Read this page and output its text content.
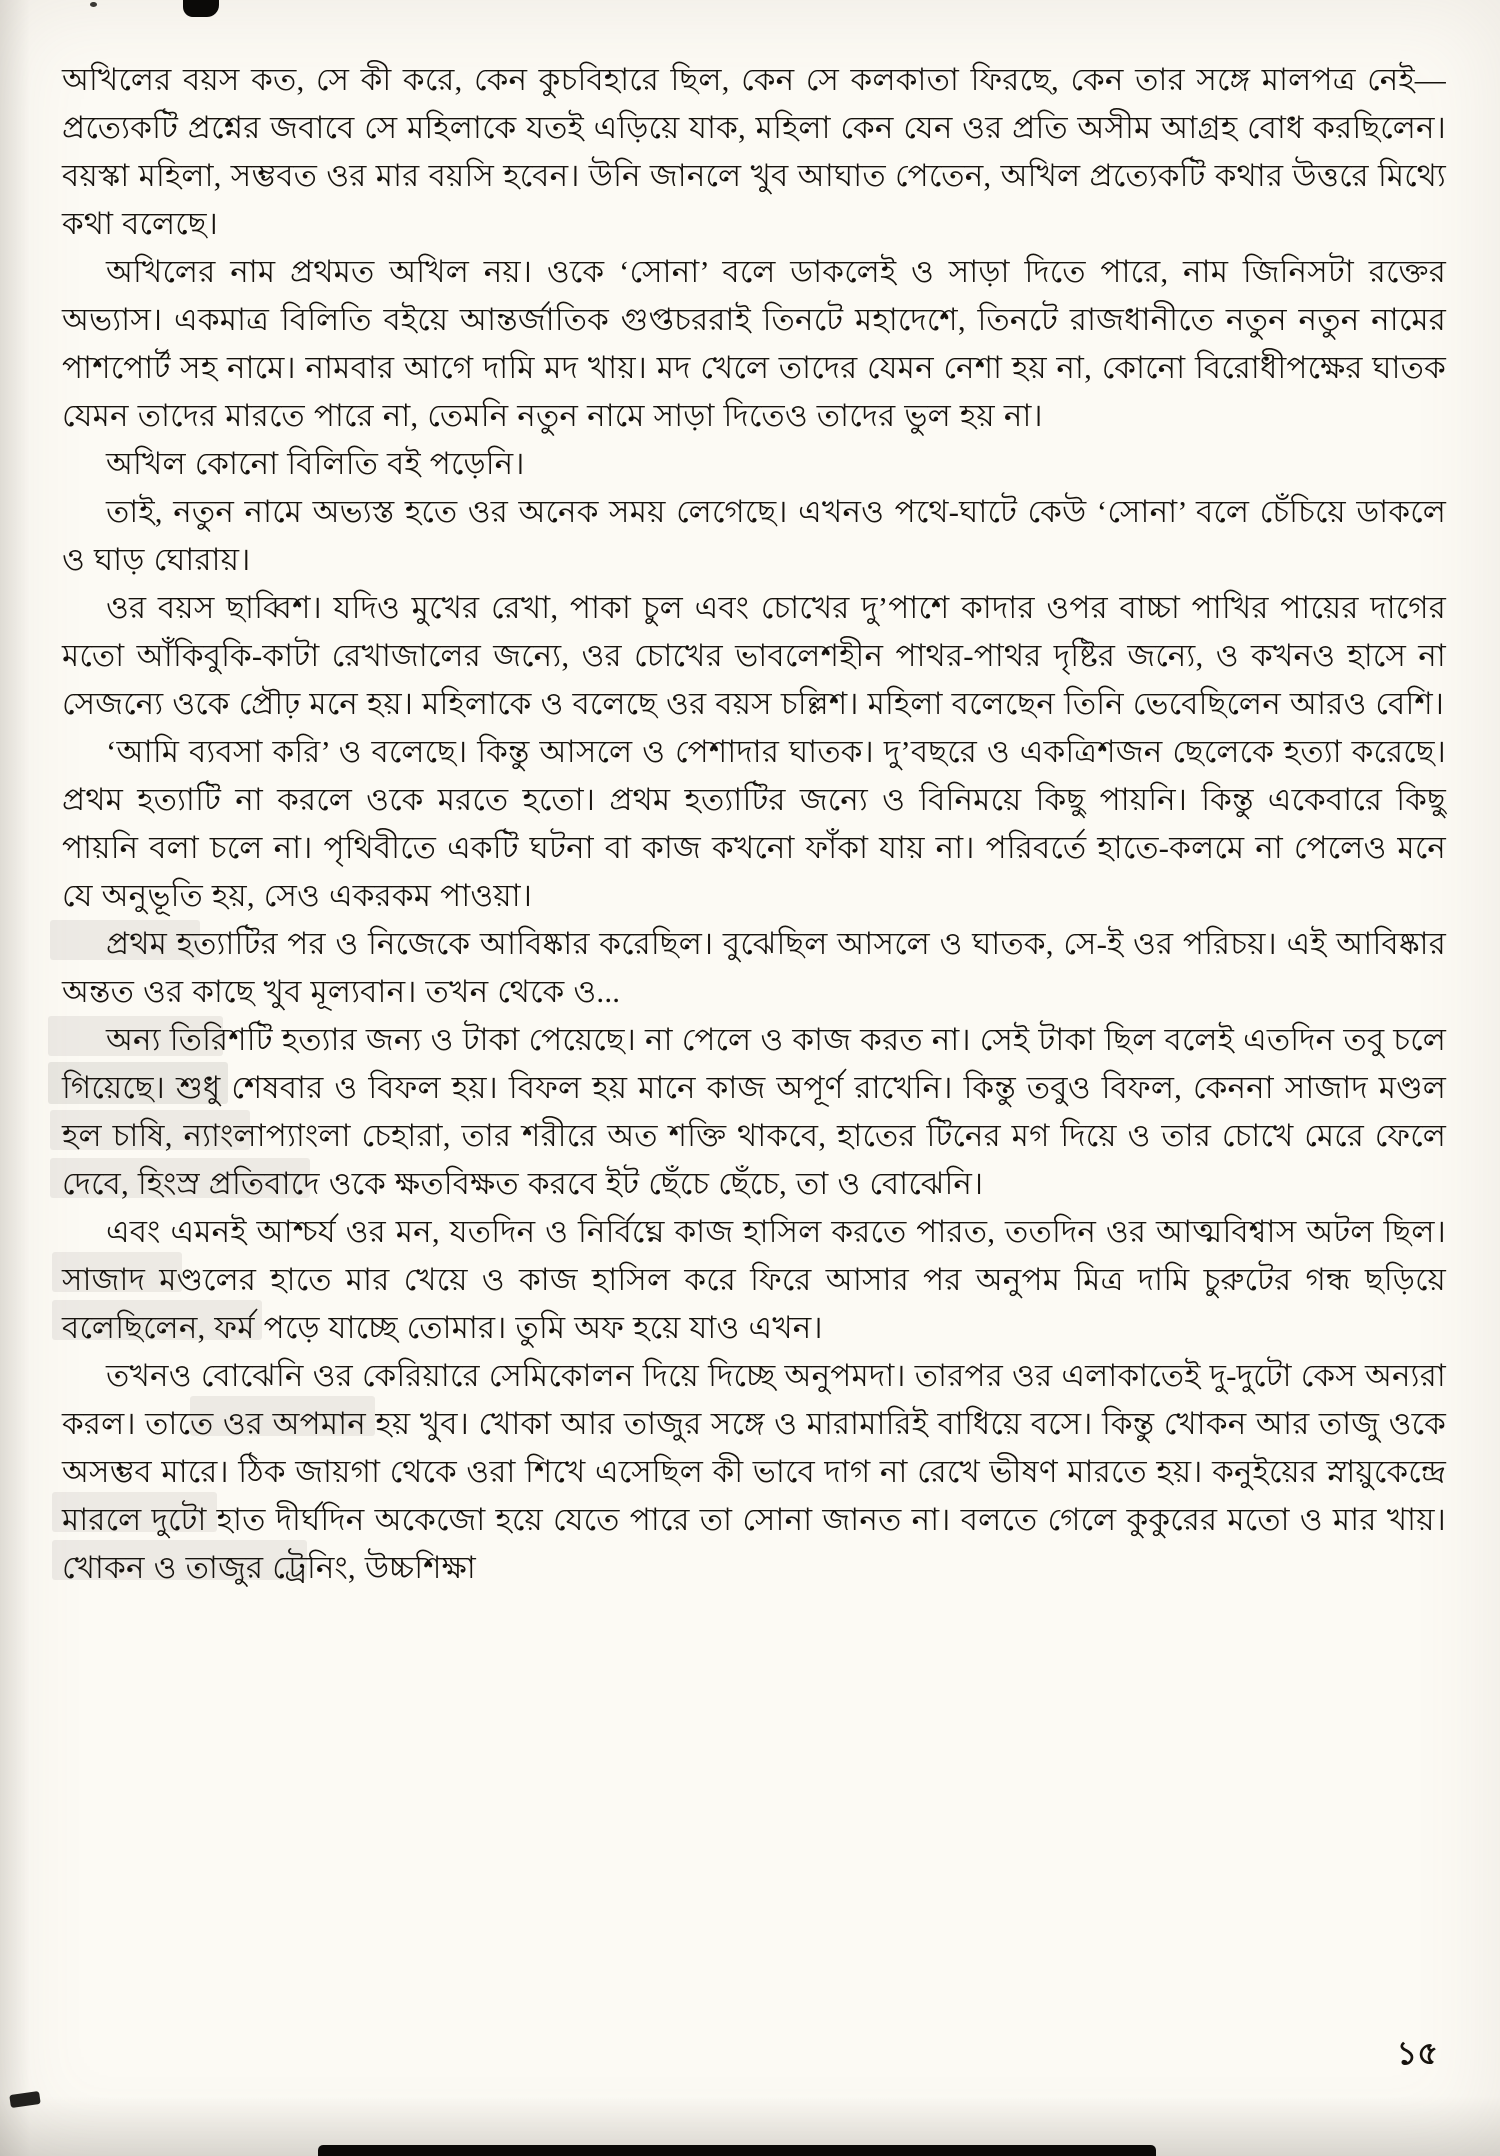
অখিলের বয়স কত, সে কী করে, কেন কুচবিহারে ছিল, কেন সে কলকাতা ফিরছে, কেন তার সঙ্গে মালপত্র নেই—প্রত্যেকটি প্রশ্নের জবাবে সে মহিলাকে যতই এড়িয়ে যাক, মহিলা কেন যেন ওর প্রতি অসীম আগ্রহ বোধ করছিলেন। বয়স্কা মহিলা, সম্ভবত ওর মার বয়সি হবেন। উনি জানলে খুব আঘাত পেতেন, অখিল প্রত্যেকটি কথার উত্তরে মিথ্যে কথা বলেছে।

অখিলের নাম প্রথমত অখিল নয়। ওকে ‘সোনা’ বলে ডাকলেই ও সাড়া দিতে পারে, নাম জিনিসটা রক্তের অভ্যাস। একমাত্র বিলিতি বইয়ে আন্তর্জাতিক গুপ্তচররাই তিনটে মহাদেশে, তিনটে রাজধানীতে নতুন নতুন নামের পাশপোর্ট সহ নামে। নামবার আগে দামি মদ খায়। মদ খেলে তাদের যেমন নেশা হয় না, কোনো বিরোধীপক্ষের ঘাতক যেমন তাদের মারতে পারে না, তেমনি নতুন নামে সাড়া দিতেও তাদের ভুল হয় না।

অখিল কোনো বিলিতি বই পড়েনি।

তাই, নতুন নামে অভ্যস্ত হতে ওর অনেক সময় লেগেছে। এখনও পথে-ঘাটে কেউ ‘সোনা’ বলে চেঁচিয়ে ডাকলে ও ঘাড় ঘোরায়।

ওর বয়স ছাব্বিশ। যদিও মুখের রেখা, পাকা চুল এবং চোখের দু’পাশে কাদার ওপর বাচ্চা পাখির পায়ের দাগের মতো আঁকিবুকি-কাটা রেখাজালের জন্যে, ওর চোখের ভাবলেশহীন পাথর-পাথর দৃষ্টির জন্যে, ও কখনও হাসে না সেজন্যে ওকে প্রৌঢ় মনে হয়। মহিলাকে ও বলেছে ওর বয়স চল্লিশ। মহিলা বলেছেন তিনি ভেবেছিলেন আরও বেশি।

‘আমি ব্যবসা করি’ ও বলেছে। কিন্তু আসলে ও পেশাদার ঘাতক। দু’বছরে ও একত্রিশজন ছেলেকে হত্যা করেছে। প্রথম হত্যাটি না করলে ওকে মরতে হতো। প্রথম হত্যাটির জন্যে ও বিনিময়ে কিছু পায়নি। কিন্তু একেবারে কিছু পায়নি বলা চলে না। পৃথিবীতে একটি ঘটনা বা কাজ কখনো ফাঁকা যায় না। পরিবর্তে হাতে-কলমে না পেলেও মনে যে অনুভূতি হয়, সেও একরকম পাওয়া।

প্রথম হত্যাটির পর ও নিজেকে আবিষ্কার করেছিল। বুঝেছিল আসলে ও ঘাতক, সে-ই ওর পরিচয়। এই আবিষ্কার অন্তত ওর কাছে খুব মূল্যবান। তখন থেকে ও...

অন্য তিরিশটি হত্যার জন্য ও টাকা পেয়েছে। না পেলে ও কাজ করত না। সেই টাকা ছিল বলেই এতদিন তবু চলে গিয়েছে। শুধু শেষবার ও বিফল হয়। বিফল হয় মানে কাজ অপূর্ণ রাখেনি। কিন্তু তবুও বিফল, কেননা সাজাদ মণ্ডল হল চাষি, ন্যাংলাপ্যাংলা চেহারা, তার শরীরে অত শক্তি থাকবে, হাতের টিনের মগ দিয়ে ও তার চোখে মেরে ফেলে দেবে, হিংস্র প্রতিবাদে ওকে ক্ষতবিক্ষত করবে ইট ছেঁচে ছেঁচে, তা ও বোঝেনি।

এবং এমনই আশ্চর্য ওর মন, যতদিন ও নির্বিঘ্নে কাজ হাসিল করতে পারত, ততদিন ওর আত্মবিশ্বাস অটল ছিল। সাজাদ মণ্ডলের হাতে মার খেয়ে ও কাজ হাসিল করে ফিরে আসার পর অনুপম মিত্র দামি চুরুটের গন্ধ ছড়িয়ে বলেছিলেন, ফর্ম পড়ে যাচ্ছে তোমার। তুমি অফ হয়ে যাও এখন।

তখনও বোঝেনি ওর কেরিয়ারে সেমিকোলন দিয়ে দিচ্ছে অনুপমদা। তারপর ওর এলাকাতেই দু-দুটো কেস অন্যরা করল। তাতে ওর অপমান হয় খুব। খোকা আর তাজুর সঙ্গে ও মারামারিই বাধিয়ে বসে। কিন্তু খোকন আর তাজু ওকে অসম্ভব মারে। ঠিক জায়গা থেকে ওরা শিখে এসেছিল কী ভাবে দাগ না রেখে ভীষণ মারতে হয়। কনুইয়ের স্নায়ুকেন্দ্রে মারলে দুটো হাত দীর্ঘদিন অকেজো হয়ে যেতে পারে তা সোনা জানত না। বলতে গেলে কুকুরের মতো ও মার খায়। খোকন ও তাজুর ট্রেনিং, উচ্চশিক্ষা

১৫
